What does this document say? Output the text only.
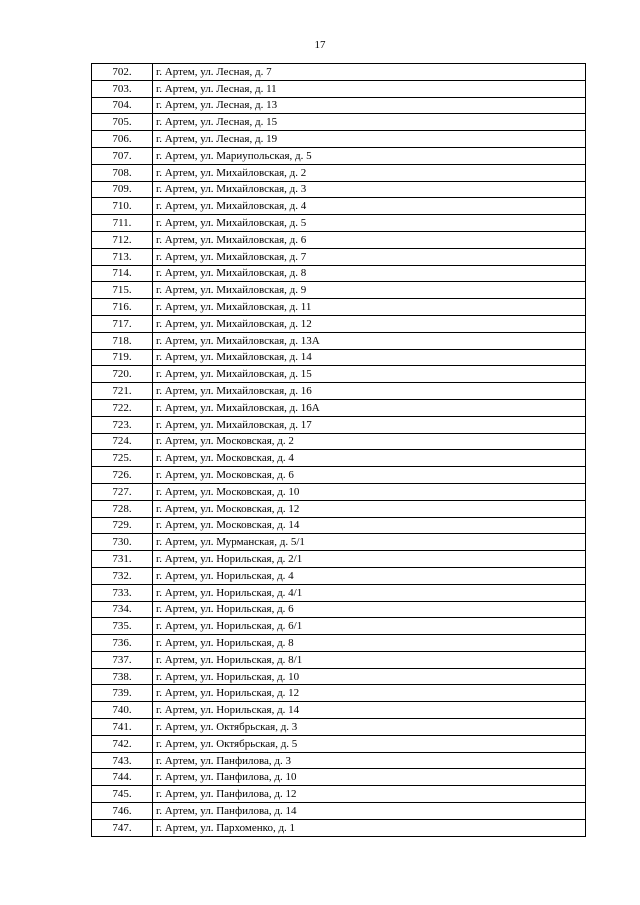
17
702.	г. Артем, ул. Лесная, д. 7
703.	г. Артем, ул. Лесная, д. 11
704.	г. Артем, ул. Лесная, д. 13
705.	г. Артем, ул. Лесная, д. 15
706.	г. Артем, ул. Лесная, д. 19
707.	г. Артем, ул. Мариупольская, д. 5
708.	г. Артем, ул. Михайловская, д. 2
709.	г. Артем, ул. Михайловская, д. 3
710.	г. Артем, ул. Михайловская, д. 4
711.	г. Артем, ул. Михайловская, д. 5
712.	г. Артем, ул. Михайловская, д. 6
713.	г. Артем, ул. Михайловская, д. 7
714.	г. Артем, ул. Михайловская, д. 8
715.	г. Артем, ул. Михайловская, д. 9
716.	г. Артем, ул. Михайловская, д. 11
717.	г. Артем, ул. Михайловская, д. 12
718.	г. Артем, ул. Михайловская, д. 13А
719.	г. Артем, ул. Михайловская, д. 14
720.	г. Артем, ул. Михайловская, д. 15
721.	г. Артем, ул. Михайловская, д. 16
722.	г. Артем, ул. Михайловская, д. 16А
723.	г. Артем, ул. Михайловская, д. 17
724.	г. Артем, ул. Московская, д. 2
725.	г. Артем, ул. Московская, д. 4
726.	г. Артем, ул. Московская, д. 6
727.	г. Артем, ул. Московская, д. 10
728.	г. Артем, ул. Московская, д. 12
729.	г. Артем, ул. Московская, д. 14
730.	г. Артем, ул. Мурманская, д. 5/1
731.	г. Артем, ул. Норильская, д. 2/1
732.	г. Артем, ул. Норильская, д. 4
733.	г. Артем, ул. Норильская, д. 4/1
734.	г. Артем, ул. Норильская, д. 6
735.	г. Артем, ул. Норильская, д. 6/1
736.	г. Артем, ул. Норильская, д. 8
737.	г. Артем, ул. Норильская, д. 8/1
738.	г. Артем, ул. Норильская, д. 10
739.	г. Артем, ул. Норильская, д. 12
740.	г. Артем, ул. Норильская, д. 14
741.	г. Артем, ул. Октябрьская, д. 3
742.	г. Артем, ул. Октябрьская, д. 5
743.	г. Артем, ул. Панфилова, д. 3
744.	г. Артем, ул. Панфилова, д. 10
745.	г. Артем, ул. Панфилова, д. 12
746.	г. Артем, ул. Панфилова, д. 14
747.	г. Артем, ул. Пархоменко, д. 1
